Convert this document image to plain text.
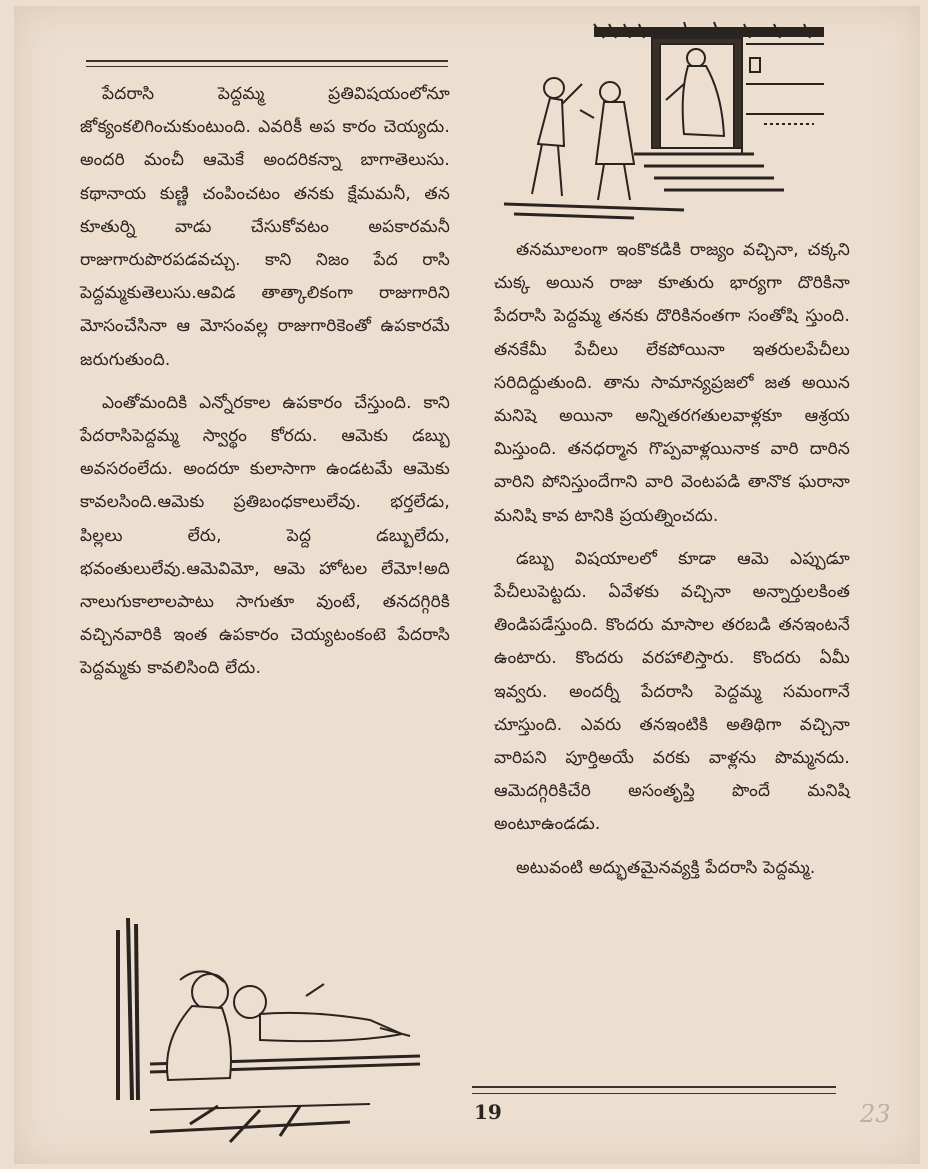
పేదరాసి పెద్దమ్మ ప్రతివిషయంలోనూ జోక్యంకలిగించుకుంటుంది. ఎవరికీ అప కారం చెయ్యదు. అందరి మంచీ ఆమెకే అందరికన్నా బాగాతెలుసు. కథానాయ కుణ్ణి చంపించటం తనకు క్షేమమనీ, తన కూతుర్ని వాడు చేసుకోవటం అపకారమనీ రాజుగారుపొరపడవచ్చు. కాని నిజం పేద రాసి పెద్దమ్మకుతెలుసు.ఆవిడ తాత్కాలికంగా రాజుగారిని మోసంచేసినా ఆ మోసంవల్ల రాజుగారికెంతో ఉపకారమే జరుగుతుంది.

ఎంతోమందికి ఎన్నోరకాల ఉపకారం చేస్తుంది. కాని పేదరాసిపెద్దమ్మ స్వార్థం కోరదు. ఆమెకు డబ్బు అవసరంలేదు. అందరూ కులాసాగా ఉండటమే ఆమెకు కావలసింది.ఆమెకు ప్రతిబంధకాలులేవు. భర్తలేడు, పిల్లలు లేరు, పెద్ద డబ్బులేదు, భవంతులులేవు.ఆమెవిమో, ఆమె హోటల లేమో!అది నాలుగుకాలాలపాటు సాగుతూ వుంటే, తనదగ్గిరికి వచ్చినవారికి ఇంత ఉపకారం చెయ్యటంకంటె పేదరాసి పెద్దమ్మకు కావలిసింది లేదు.

తనమూలంగా ఇంకొకడికి రాజ్యం వచ్చినా, చక్కని చుక్క అయిన రాజు కూతురు భార్యగా దొరికినా పేదరాసి పెద్దమ్మ తనకు దొరికినంతగా సంతోషి స్తుంది. తనకేమీ పేచీలు లేకపోయినా ఇతరులపేచీలు సరిదిద్దుతుంది. తాను సామాన్యప్రజలో జత అయిన మనిషె అయినా అన్నితరగతులవాళ్లకూ ఆశ్రయ మిస్తుంది. తనధర్మాన గొప్పవాళ్లయినాక వారి దారిన వారిని పోనిస్తుందేగాని వారి వెంటపడి తానొక ఘరానా మనిషి కావ టానికి ప్రయత్నించదు.

డబ్బు విషయాలలో కూడా ఆమె ఎప్పుడూ పేచీలుపెట్టదు. ఏవేళకు వచ్చినా అన్నార్తులకింత తిండిపడేస్తుంది. కొందరు మాసాల తరబడి తనఇంటనే ఉంటారు. కొందరు వరహాలిస్తారు. కొందరు ఏమీ ఇవ్వరు. అందర్నీ పేదరాసి పెద్దమ్మ సమంగానే చూస్తుంది. ఎవరు తనఇంటికి అతిథిగా వచ్చినా వారిపని పూర్తిఅయే వరకు వాళ్లను పొమ్మనదు. ఆమెదగ్గిరికిచేరి అసంతృప్తి పొందే మనిషి అంటూఉండడు.

అటువంటి అద్భుతమైనవ్యక్తి పేదరాసి పెద్దమ్మ.

19	23
